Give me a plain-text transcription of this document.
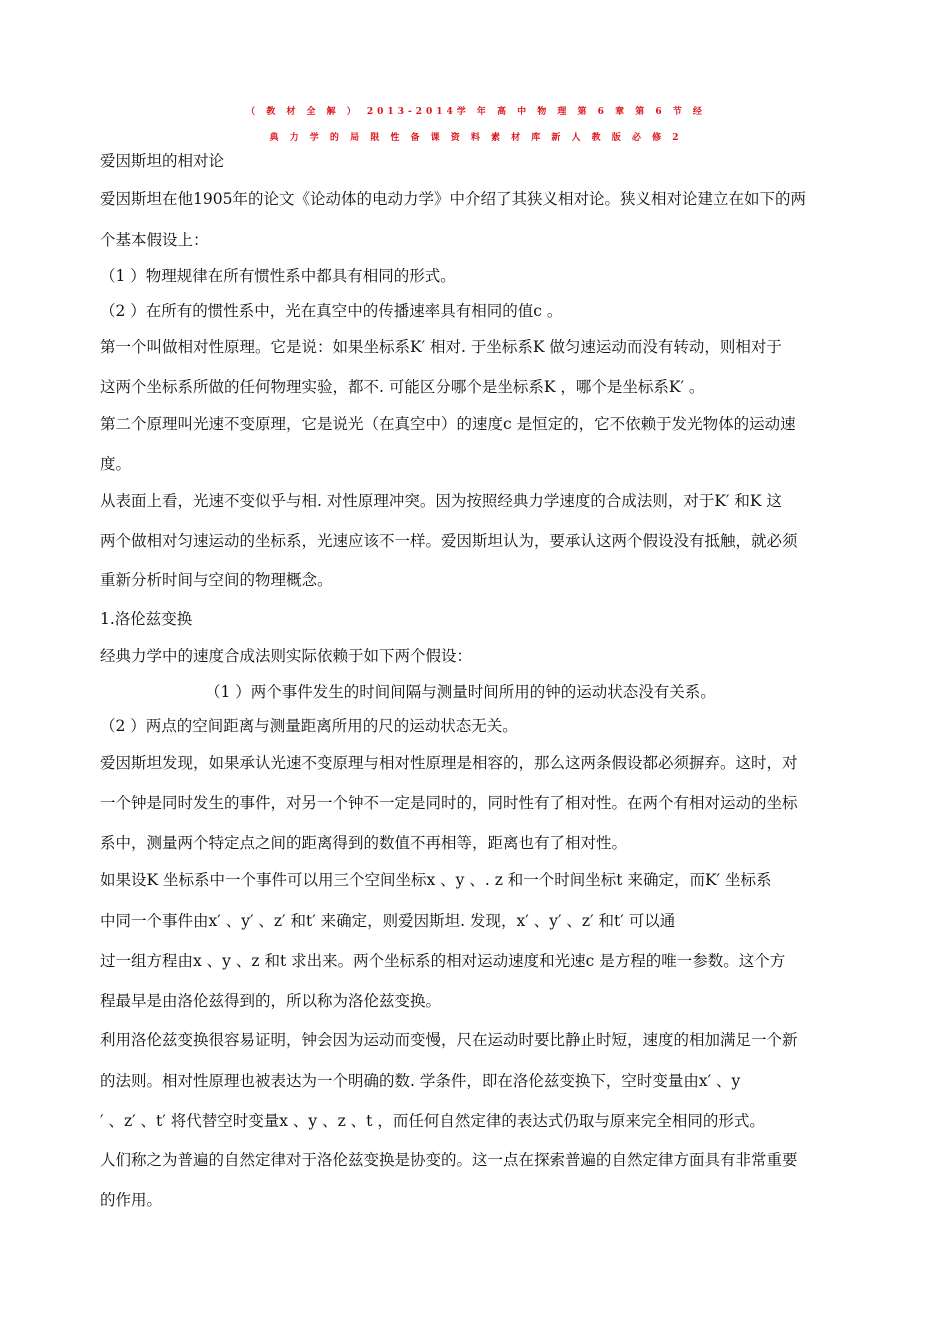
（ 教 材 全 解 ） 2013-2014学 年 高 中 物 理 第 6 章 第 6 节 经
典 力 学 的 局 限 性 备 课 资 料 素 材 库 新 人 教 版 必 修 2
爱因斯坦的相对论
爱因斯坦在他1905年的论文《论动体的电动力学》中介绍了其狭义相对论。狭义相对论建立在如下的两
个基本假设上：
（1 ）物理规律在所有惯性系中都具有相同的形式。
（2 ）在所有的惯性系中，光在真空中的传播速率具有相同的值c 。
第一个叫做相对性原理。它是说：如果坐标系K′ 相对. 于坐标系K 做匀速运动而没有转动，则相对于
这两个坐标系所做的任何物理实验，都不. 可能区分哪个是坐标系K ，哪个是坐标系K′ 。
第二个原理叫光速不变原理，它是说光（在真空中）的速度c 是恒定的，它不依赖于发光物体的运动速
度。
从表面上看，光速不变似乎与相. 对性原理冲突。因为按照经典力学速度的合成法则，对于K′ 和K 这
两个做相对匀速运动的坐标系，光速应该不一样。爱因斯坦认为，要承认这两个假设没有抵触，就必须
重新分析时间与空间的物理概念。
1.洛伦兹变换
经典力学中的速度合成法则实际依赖于如下两个假设：
（1 ）两个事件发生的时间间隔与测量时间所用的钟的运动状态没有关系。
（2 ）两点的空间距离与测量距离所用的尺的运动状态无关。
爱因斯坦发现，如果承认光速不变原理与相对性原理是相容的，那么这两条假设都必须摒弃。这时，对
一个钟是同时发生的事件，对另一个钟不一定是同时的，同时性有了相对性。在两个有相对运动的坐标
系中，测量两个特定点之间的距离得到的数值不再相等，距离也有了相对性。
如果设K 坐标系中一个事件可以用三个空间坐标x 、y 、. z 和一个时间坐标t 来确定，而K′ 坐标系
中同一个事件由x′ 、y′ 、z′ 和t′ 来确定，则爱因斯坦. 发现，x′ 、y′ 、z′ 和t′ 可以通
过一组方程由x 、y 、z 和t 求出来。两个坐标系的相对运动速度和光速c 是方程的唯一参数。这个方
程最早是由洛伦兹得到的，所以称为洛伦兹变换。
利用洛伦兹变换很容易证明，钟会因为运动而变慢，尺在运动时要比静止时短，速度的相加满足一个新
的法则。相对性原理也被表达为一个明确的数. 学条件，即在洛伦兹变换下，空时变量由x′ 、y
′ 、z′ 、t′ 将代替空时变量x 、y 、z 、t ，而任何自然定律的表达式仍取与原来完全相同的形式。
人们称之为普遍的自然定律对于洛伦兹变换是协变的。这一点在探索普遍的自然定律方面具有非常重要
的作用。
